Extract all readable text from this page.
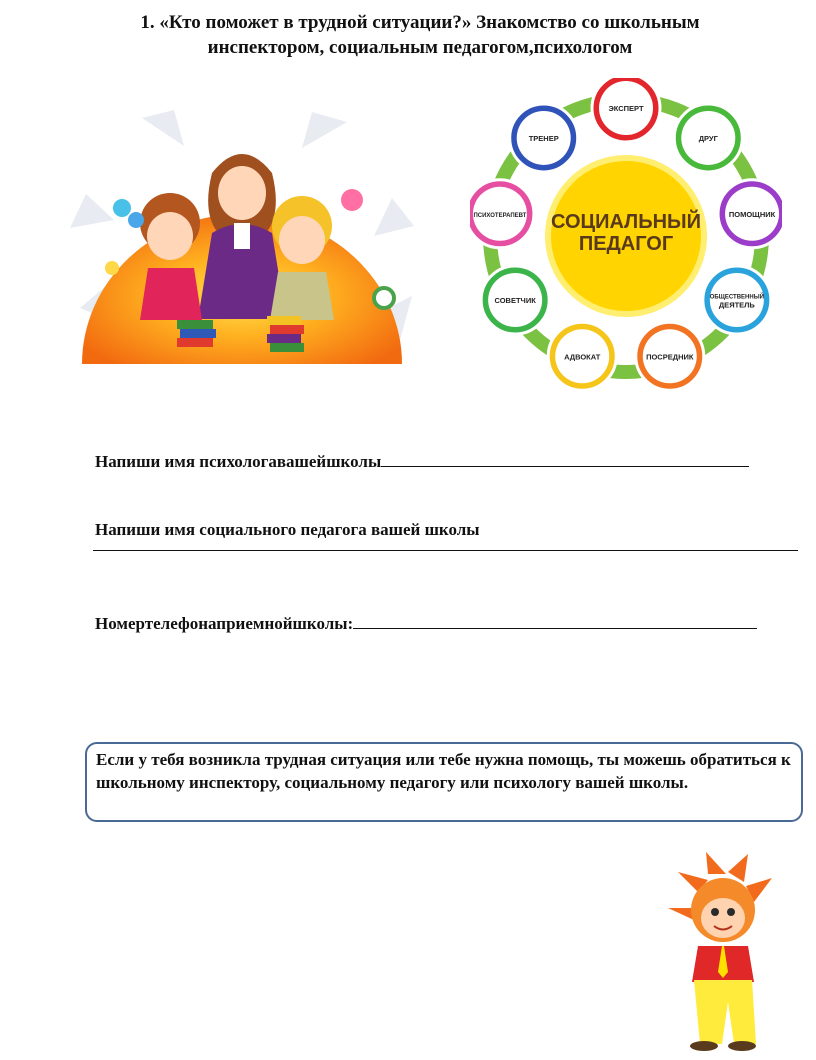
1. «Кто поможет в трудной ситуации?» Знакомство со школьным
инспектором, социальным педагогом,психологом
СОЦИАЛЬНЫЙ
ПЕДАГОГ
ЭКСПЕРТ
ДРУГ
ПОМОЩНИК
ОБЩЕСТВЕННЫЙ
ДЕЯТЕЛЬ
ПОСРЕДНИК
АДВОКАТ
СОВЕТЧИК
ПСИХОТЕРАПЕВТ
ТРЕНЕР
Напиши имя психологавашейшколы
Напиши имя социального педагога вашей школы
Номертелефонаприемнойшколы:
Если у тебя возникла трудная ситуация или тебе нужна помощь, ты можешь обратиться к школьному инспектору, социальному педагогу или психологу вашей школы.
